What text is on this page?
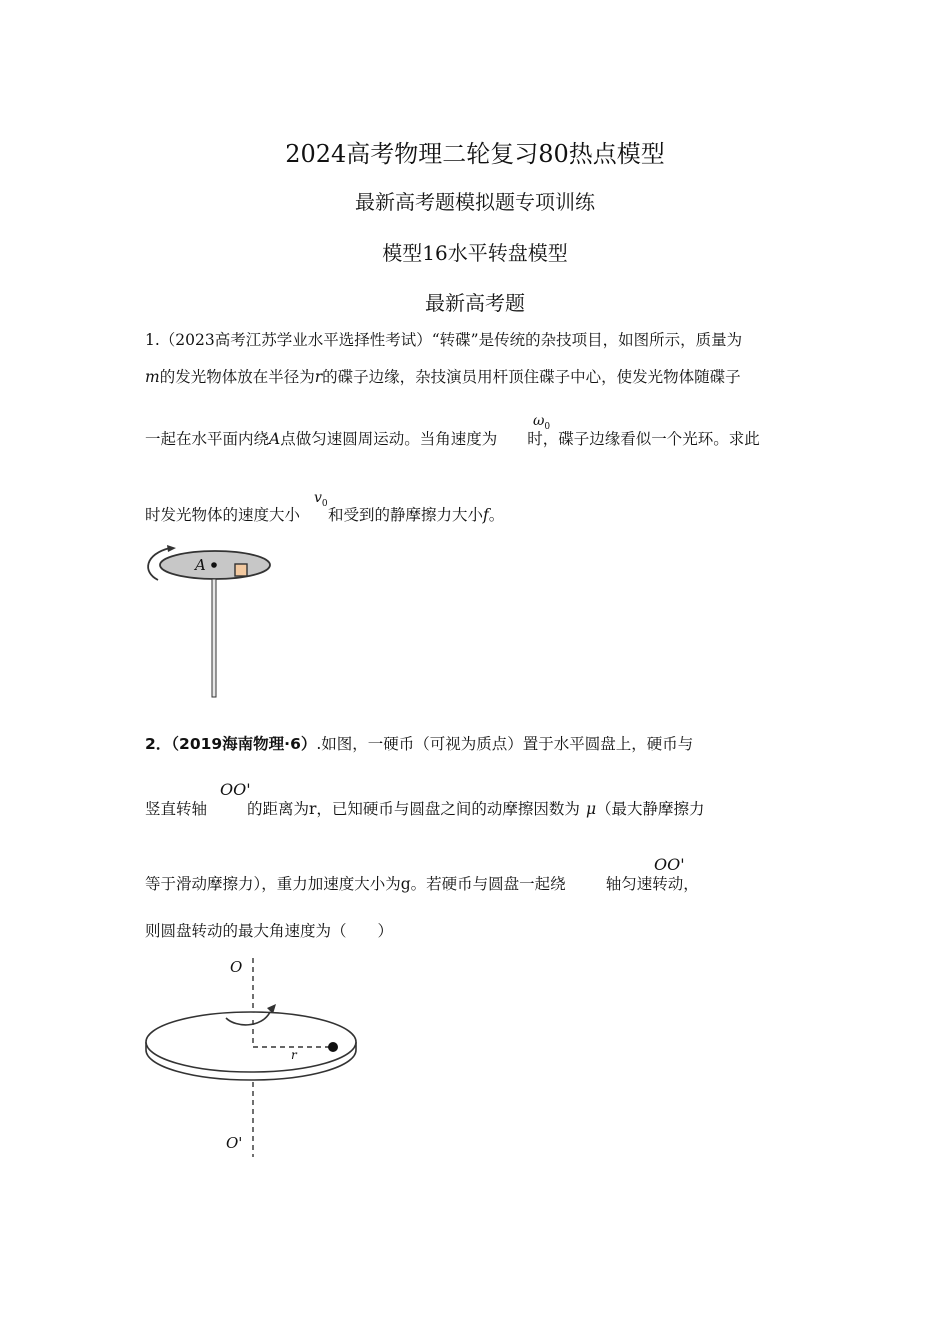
2024高考物理二轮复习80热点模型
最新高考题模拟题专项训练
模型16水平转盘模型
最新高考题
1.（2023高考江苏学业水平选择性考试）“转碟”是传统的杂技项目，如图所示，质量为
m的发光物体放在半径为r的碟子边缘，杂技演员用杆顶住碟子中心，使发光物体随碟子
一起在水平面内绕A点做匀速圆周运动。当角速度为 时，碟子边缘看似一个光环。求此
$\omega_0$
时发光物体的速度大小 和受到的静摩擦力大小f。
$v_0$
A
2．（2019海南物理·6）.如图，一硬币（可视为质点）置于水平圆盘上，硬币与
竖直转轴	的距离为r，已知硬币与圆盘之间的动摩擦因数为 μ（最大静摩擦力
OO'
等于滑动摩擦力），重力加速度大小为g。若硬币与圆盘一起绕	轴匀速转动，
OO'
则圆盘转动的最大角速度为（　　）
O
r
O'
